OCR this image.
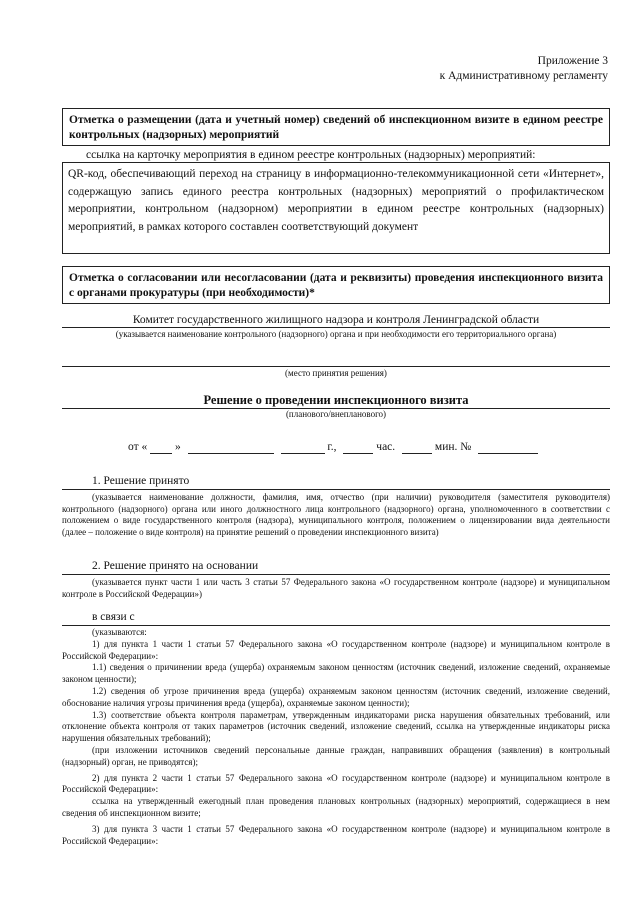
Приложение 3
к Административному регламенту
Отметка о размещении (дата и учетный номер) сведений об инспекционном визите в едином реестре контрольных (надзорных) мероприятий
ссылка на карточку мероприятия в едином реестре контрольных (надзорных) мероприятий:
QR-код, обеспечивающий переход на страницу в информационно-телекоммуникационной сети «Интернет», содержащую запись единого реестра контрольных (надзорных) мероприятий о профилактическом мероприятии, контрольном (надзорном) мероприятии в едином реестре контрольных (надзорных) мероприятий, в рамках которого составлен соответствующий документ
Отметка о согласовании или несогласовании (дата и реквизиты) проведения инспекционного визита с органами прокуратуры (при необходимости)*
Комитет государственного жилищного надзора и контроля Ленинградской области
(указывается наименование контрольного (надзорного) органа и при необходимости его территориального органа)
(место принятия решения)
Решение о проведении инспекционного визита
(планового/внепланового)
от « »	г.,	час.	мин. №
1. Решение принято
(указывается наименование должности, фамилия, имя, отчество (при наличии) руководителя (заместителя руководителя) контрольного (надзорного) органа или иного должностного лица контрольного (надзорного) органа, уполномоченного в соответствии с положением о виде государственного контроля (надзора), муниципального контроля, положением о лицензировании вида деятельности (далее – положение о виде контроля) на принятие решений о проведении инспекционного визита)
2. Решение принято на основании
(указывается пункт части 1 или часть 3 статьи 57 Федерального закона «О государственном контроле (надзоре) и муниципальном контроле в Российской Федерации»)
в связи с

(указываются:

1) для пункта 1 части 1 статьи 57 Федерального закона «О государственном контроле (надзоре) и муниципальном контроле в Российской Федерации»:

1.1) сведения о причинении вреда (ущерба) охраняемым законом ценностям (источник сведений, изложение сведений, охраняемые законом ценности);

1.2) сведения об угрозе причинения вреда (ущерба) охраняемым законом ценностям (источник сведений, изложение сведений, обоснование наличия угрозы причинения вреда (ущерба), охраняемые законом ценности);

1.3) соответствие объекта контроля параметрам, утвержденным индикаторами риска нарушения обязательных требований, или отклонение объекта контроля от таких параметров (источник сведений, изложение сведений, ссылка на утвержденные индикаторы риска нарушения обязательных требований);

(при изложении источников сведений персональные данные граждан, направивших обращения (заявления) в контрольный (надзорный) орган, не приводятся);

2) для пункта 2 части 1 статьи 57 Федерального закона «О государственном контроле (надзоре) и муниципальном контроле в Российской Федерации»:

ссылка на утвержденный ежегодный план проведения плановых контрольных (надзорных) мероприятий, содержащиеся в нем сведения об инспекционном визите;

3) для пункта 3 части 1 статьи 57 Федерального закона «О государственном контроле (надзоре) и муниципальном контроле в Российской Федерации»:
